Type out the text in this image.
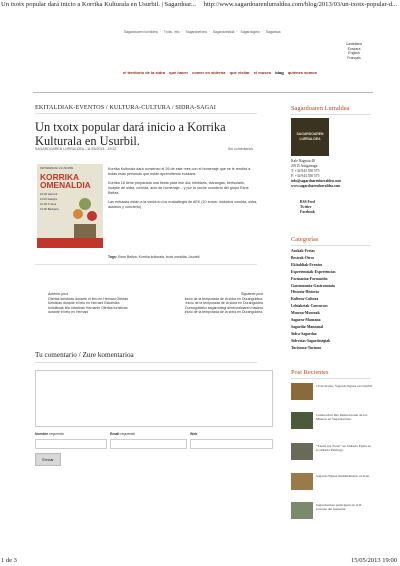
Un txotx popular dará inicio a Korrika Kulturala en Usurbil. | Sagardoar... http://www.sagardoarenlurraldea.com/blog/2013/03/un-txotx-popular-d...
Sagardoaren lurraldea · Txots. info · Sagardoetxea · Sagardoestkia · Sagardogelo · Sagardoa
Castellano
Euskara
English
Français
el territorio de la sidra qué hacer comer en sidrería qué visitar el museo blog quiénes somos
EKITALDIAK-EVENTOS / KULTURA-CULTURA / SIDRA-SAGAI
Un txotx popular dará inicio a Korrika Kulturala en Usurbil.
SAGARDOAREN LURRALDEA - 11/03/2013 - 15:22	Sin comentarios
DIRTAREBUAK 23 USURBIL
KORRIKA OMENALDIA
10:00 Harrera
11:00 Kalejira
12:00 Txotxa
13:00 Bazkaria

Korrika Kulturala dará comienzo el 26 de este mes con el homenaje que se le rendirá a todas esas personas que están aprendiendo euskara.

Korrika 18 tiene preparada una fiesta para ese día; trikitilaris, txarangas, bertsolaris, huaybe de sidra, comida, acto de homenaje... y por la noche concierto del grupo Esne Beltza.

Las entradas están a la venta en los euskaltegia de AEK (10 euros: incluidos comida, sidra, autobús y concierto).

Tags: Esne Beltza, Korrika kulturala, txotx omaldia, Usurbil
Anterior post
Ofertas turisticas durante el leto en Hernani Ofertas turísticas durante el leto en Hernani Eskaintza turistikoak leto bitartean Hernanin Ofertas turísticas durante el leto en Hernani
Siguiente post
Inicio de la temporada de la sidra en Duranguldea. Inicio de la temporada de la sidra en Duranguldea Duranguldeko sagardotegi denboraldiaren hasiera Inicio de la temporada de la sidra en Duranguldea.
Tu comentario / Zure komentarioa
Nombre requerido	Email requerido	Web
Enviar
Sagardoaren Lurraldea
SAGARDOAREN LURRALDEA
Kale Nagusia 48
20115 Astigarraga
T: +34 943 550 575
F: +34 943 550 575
info@sagardoarenlurraldea.com
www.sagardoarenlurraldea.com
RSS Feed
Twitter
Facebook
Categorías
Azokak-Ferias
Bestrak-Otros
Ekitaldiak-Eventos
Esperientziak-Experiencias
Formazioa-Formación
Gastronomia-Gastronomía
Historia-Historia
Kultura-Cultura
Lehiaketak-Concursos
Museoa-Museoak
Sagarra-Manzana
Sagardia-Manzanal
Sidra-Sagardoa
Sidrerías-Sagardotegiak
Turismoa-Turismo
Post Recientes
19 de marzo, Sagardo Eguna en Usurbil.
Celebración Día Internacional de los Museos en Sagardoetxea.
"Txerri eta Txoto" en Sidrería Egiza en la sidrería Petritegi.
Sagardo Eguna multitudinario en Irun.
Sagardoetxea participará en la II. Jornada del Guisante.
1 de 3	15/05/2013 19:00
